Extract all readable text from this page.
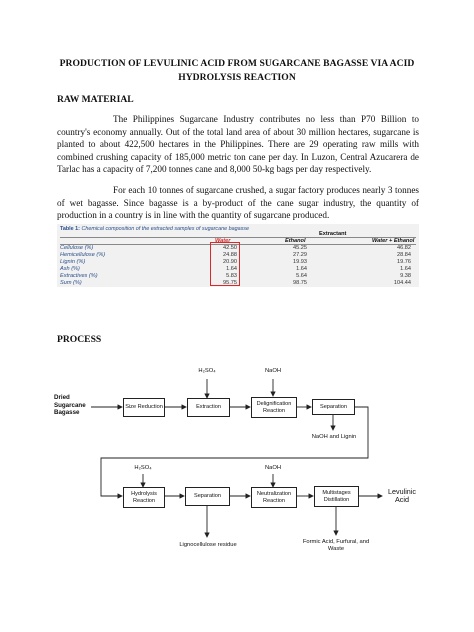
PRODUCTION OF LEVULINIC ACID FROM SUGARCANE BAGASSE VIA ACID HYDROLYSIS REACTION
RAW MATERIAL

The Philippines Sugarcane Industry contributes no less than P70 Billion to country's economy annually. Out of the total land area of about 30 million hectares, sugarcane is planted to about 422,500 hectares in the Philippines. There are 29 operating raw mills with combined crushing capacity of 185,000 metric ton cane per day. In Luzon, Central Azucarera de Tarlac has a capacity of 7,200 tonnes cane and 8,000 50-kg bags per day respectively.

For each 10 tonnes of sugarcane crushed, a sugar factory produces nearly 3 tonnes of wet bagasse. Since bagasse is a by-product of the cane sugar industry, the quantity of production in a country is in line with the quantity of sugarcane produced.

Table 1: Chemical composition of the extracted samples of sugarcane bagasse
Extractant
Water	Ethanol	Water + Ethanol
Cellulose (%)	42.50	45.25	46.82
Hemicellulose (%)	24.88	27.29	28.84
Lignin (%)	20.90	19.93	19.76
Ash (%)	1.64	1.64	1.64
Extractives (%)	5.83	5.64	9.38
Sum (%)	95.75	98.75	104.44
PROCESS
Dried Sugarcane Bagasse
Size Reduction	Extraction
Delignification Reaction
Separation
H₂SO₄	NaOH
NaOH and Lignin
Hydrolysis Reaction
Separation	Neutralization Reaction
Multistages Distillation
H₂SO₄	NaOH
Lignocellulose residue	Formic Acid, Furfural, and Waste
Levulinic Acid
